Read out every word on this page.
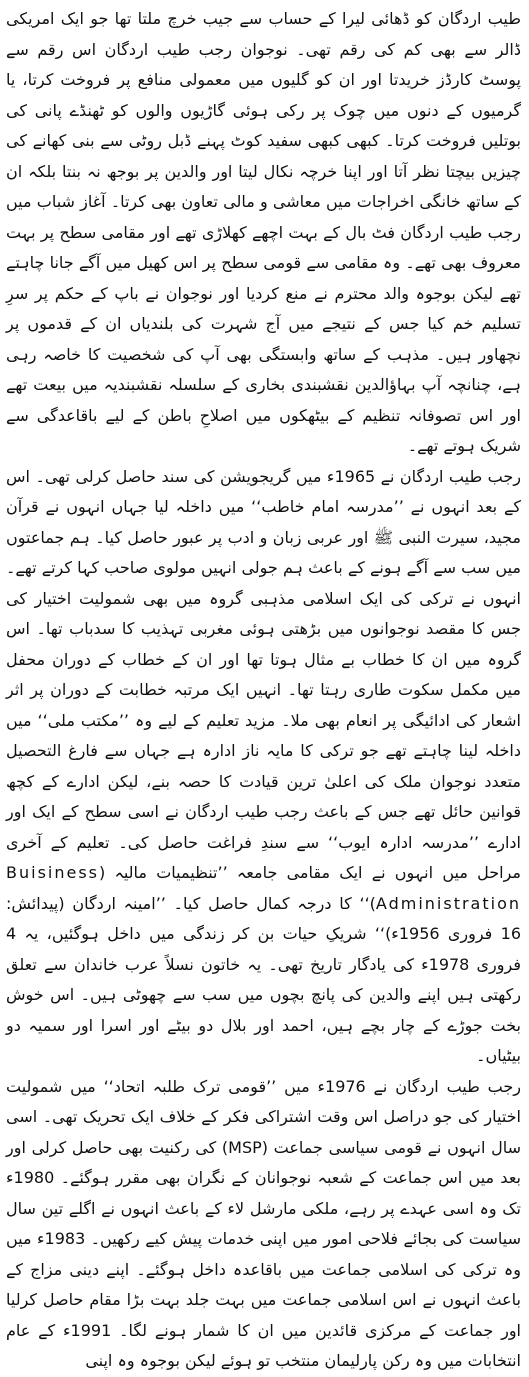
طیب اردگان کو ڈھائی لیرا کے حساب سے جیب خرچ ملتا تھا جو ایک امریکی ڈالر سے بھی کم کی رقم تھی۔ نوجوان رجب طیب اردگان اس رقم سے پوسٹ کارڈز خریدتا اور ان کو گلیوں میں معمولی منافع پر فروخت کرتا، یا گرمیوں کے دنوں میں چوک پر رکی ہوئی گاڑیوں والوں کو ٹھنڈے پانی کی بوتلیں فروخت کرتا۔ کبھی کبھی سفید کوٹ پہنے ڈبل روٹی سے بنی کھانے کی چیزیں بیچتا نظر آتا اور اپنا خرچہ نکال لیتا اور والدین پر بوجھ نہ بنتا بلکہ ان کے ساتھ خانگی اخراجات میں معاشی و مالی تعاون بھی کرتا۔ آغاز شباب میں رجب طیب اردگان فٹ بال کے بہت اچھے کھلاڑی تھے اور مقامی سطح پر بہت معروف بھی تھے۔ وہ مقامی سے قومی سطح پر اس کھیل میں آگے جانا چاہتے تھے لیکن بوجوہ والد محترم نے منع کردیا اور نوجوان نے باپ کے حکم پر سرِ تسلیم خم کیا جس کے نتیجے میں آج شہرت کی بلندیاں ان کے قدموں پر نچھاور ہیں۔ مذہب کے ساتھ وابستگی بھی آپ کی شخصیت کا خاصہ رہی ہے، چنانچہ آپ بہاؤالدین نقشبندی بخاری کے سلسلہ نقشبندیہ میں بیعت تھے اور اس تصوفانہ تنظیم کے بیٹھکوں میں اصلاحِ باطن کے لیے باقاعدگی سے شریک ہوتے تھے۔

رجب طیب اردگان نے 1965ء میں گریجویشن کی سند حاصل کرلی تھی۔ اس کے بعد انہوں نے ’’مدرسہ امام خاطب‘‘ میں داخلہ لیا جہاں انہوں نے قرآن مجید، سیرت النبی ﷺ اور عربی زبان و ادب پر عبور حاصل کیا۔ ہم جماعتوں میں سب سے آگے ہونے کے باعث ہم جولی انہیں مولوی صاحب کہا کرتے تھے۔ انہوں نے ترکی کی ایک اسلامی مذہبی گروہ میں بھی شمولیت اختیار کی جس کا مقصد نوجوانوں میں بڑھتی ہوئی مغربی تہذیب کا سدباب تھا۔ اس گروہ میں ان کا خطاب بے مثال ہوتا تھا اور ان کے خطاب کے دوران محفل میں مکمل سکوت طاری رہتا تھا۔ انہیں ایک مرتبہ خطابت کے دوران پر اثر اشعار کی ادائیگی پر انعام بھی ملا۔ مزید تعلیم کے لیے وہ ’’مکتب ملی‘‘ میں داخلہ لینا چاہتے تھے جو ترکی کا مایہ ناز ادارہ ہے جہاں سے فارغ التحصیل متعدد نوجوان ملک کی اعلیٰ ترین قیادت کا حصہ بنے، لیکن ادارے کے کچھ قوانین حائل تھے جس کے باعث رجب طیب اردگان نے اسی سطح کے ایک اور ادارے ’’مدرسہ ادارہ ایوب‘‘ سے سندِ فراغت حاصل کی۔ تعلیم کے آخری مراحل میں انہوں نے ایک مقامی جامعہ ’’تنظیمیات مالیہ (Buisiness Administration)‘‘ کا درجہ کمال حاصل کیا۔ ’’امینہ اردگان (پیدائش: 16 فروری 1956ء)‘‘ شریکِ حیات بن کر زندگی میں داخل ہوگئیں، یہ 4 فروری 1978ء کی یادگار تاریخ تھی۔ یہ خاتون نسلاً عرب خاندان سے تعلق رکھتی ہیں اپنے والدین کی پانچ بچوں میں سب سے چھوٹی ہیں۔ اس خوش بخت جوڑے کے چار بچے ہیں، احمد اور بلال دو بیٹے اور اسرا اور سمیہ دو بیٹیاں۔

رجب طیب اردگان نے 1976ء میں ’’قومی ترک طلبہ اتحاد‘‘ میں شمولیت اختیار کی جو دراصل اس وقت اشتراکی فکر کے خلاف ایک تحریک تھی۔ اسی سال انہوں نے قومی سیاسی جماعت (MSP) کی رکنیت بھی حاصل کرلی اور بعد میں اس جماعت کے شعبہ نوجوانان کے نگران بھی مقرر ہوگئے۔ 1980ء تک وہ اسی عہدے پر رہے، ملکی مارشل لاء کے باعث انہوں نے اگلے تین سال سیاست کی بجائے فلاحی امور میں اپنی خدمات پیش کیے رکھیں۔ 1983ء میں وہ ترکی کی اسلامی جماعت میں باقاعدہ داخل ہوگئے۔ اپنے دینی مزاج کے باعث انہوں نے اس اسلامی جماعت میں بہت جلد بہت بڑا مقام حاصل کرلیا اور جماعت کے مرکزی قائدین میں ان کا شمار ہونے لگا۔ 1991ء کے عام انتخابات میں وہ رکن پارلیمان منتخب تو ہوئے لیکن بوجوہ وہ اپنی
